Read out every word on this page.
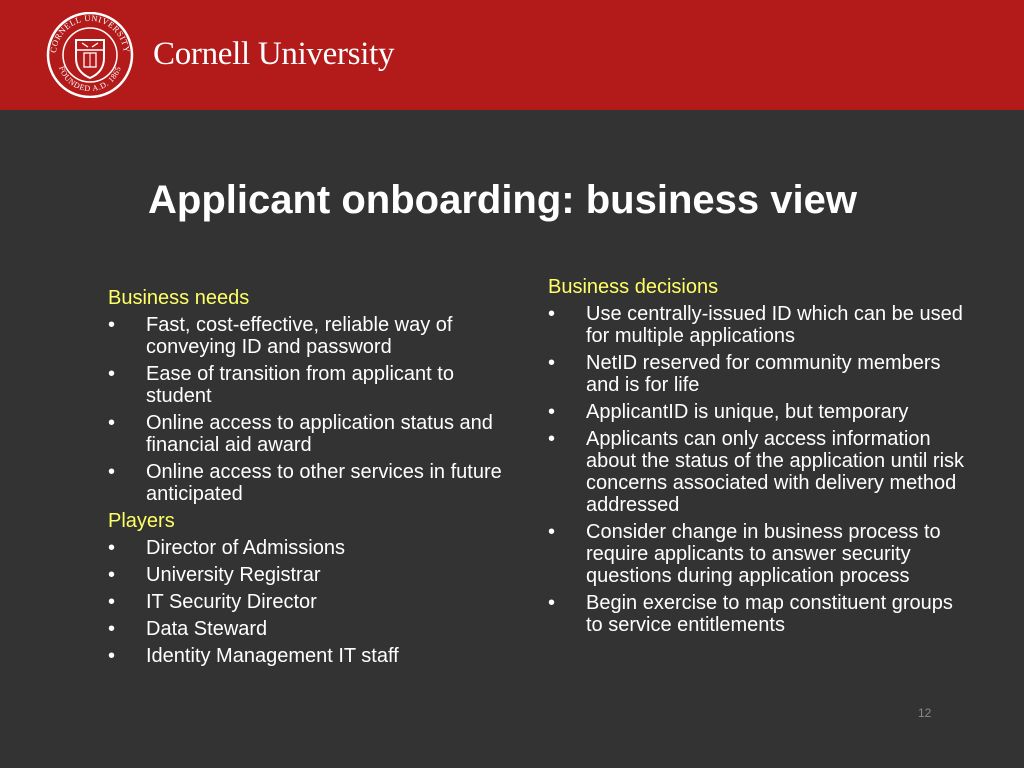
CORNELL UNIVERSITY
FOUNDED A.D. 1865 Cornell University
Applicant onboarding: business view
Business needs
• Fast, cost-effective, reliable way of conveying ID and password
• Ease of transition from applicant to student
• Online access to application status and financial aid award
• Online access to other services in future anticipated
Players
• Director of Admissions
• University Registrar
• IT Security Director
• Data Steward
• Identity Management IT staff
Business decisions
• Use centrally-issued ID which can be used for multiple applications
• NetID reserved for community members and is for life
• ApplicantID is unique, but temporary
• Applicants can only access information about the status of the application until risk concerns associated with delivery method addressed
• Consider change in business process to require applicants to answer security questions during application process
• Begin exercise to map constituent groups to service entitlements
12
